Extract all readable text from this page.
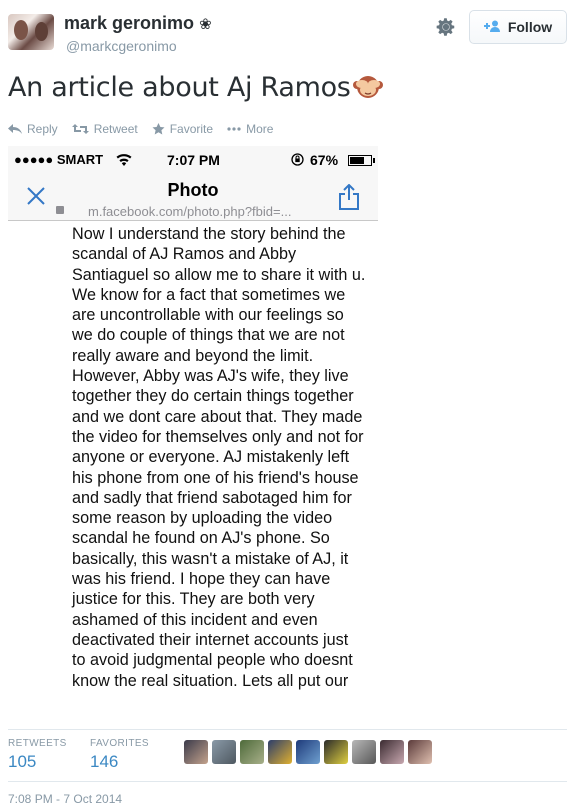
mark geronimo ❀
@markcgeronimo
Follow
An article about Aj Ramos
Reply	Retweet	Favorite	More
●●●●● SMART	7:07 PM	67%
Photo
m.facebook.com/photo.php?fbid=...
Now I understand the story behind the
scandal of AJ Ramos and Abby
Santiaguel so allow me to share it with u.
We know for a fact that sometimes we
are uncontrollable with our feelings so
we do couple of things that we are not
really aware and beyond the limit.
However, Abby was AJ's wife, they live
together they do certain things together
and we dont care about that. They made
the video for themselves only and not for
anyone or everyone. AJ mistakenly left
his phone from one of his friend's house
and sadly that friend sabotaged him for
some reason by uploading the video
scandal he found on AJ's phone. So
basically, this wasn't a mistake of AJ, it
was his friend. I hope they can have
justice for this. They are both very
ashamed of this incident and even
deactivated their internet accounts just
to avoid judgmental people who doesnt
know the real situation. Lets all put our
RETWEETS
105
FAVORITES
146
7:08 PM - 7 Oct 2014
